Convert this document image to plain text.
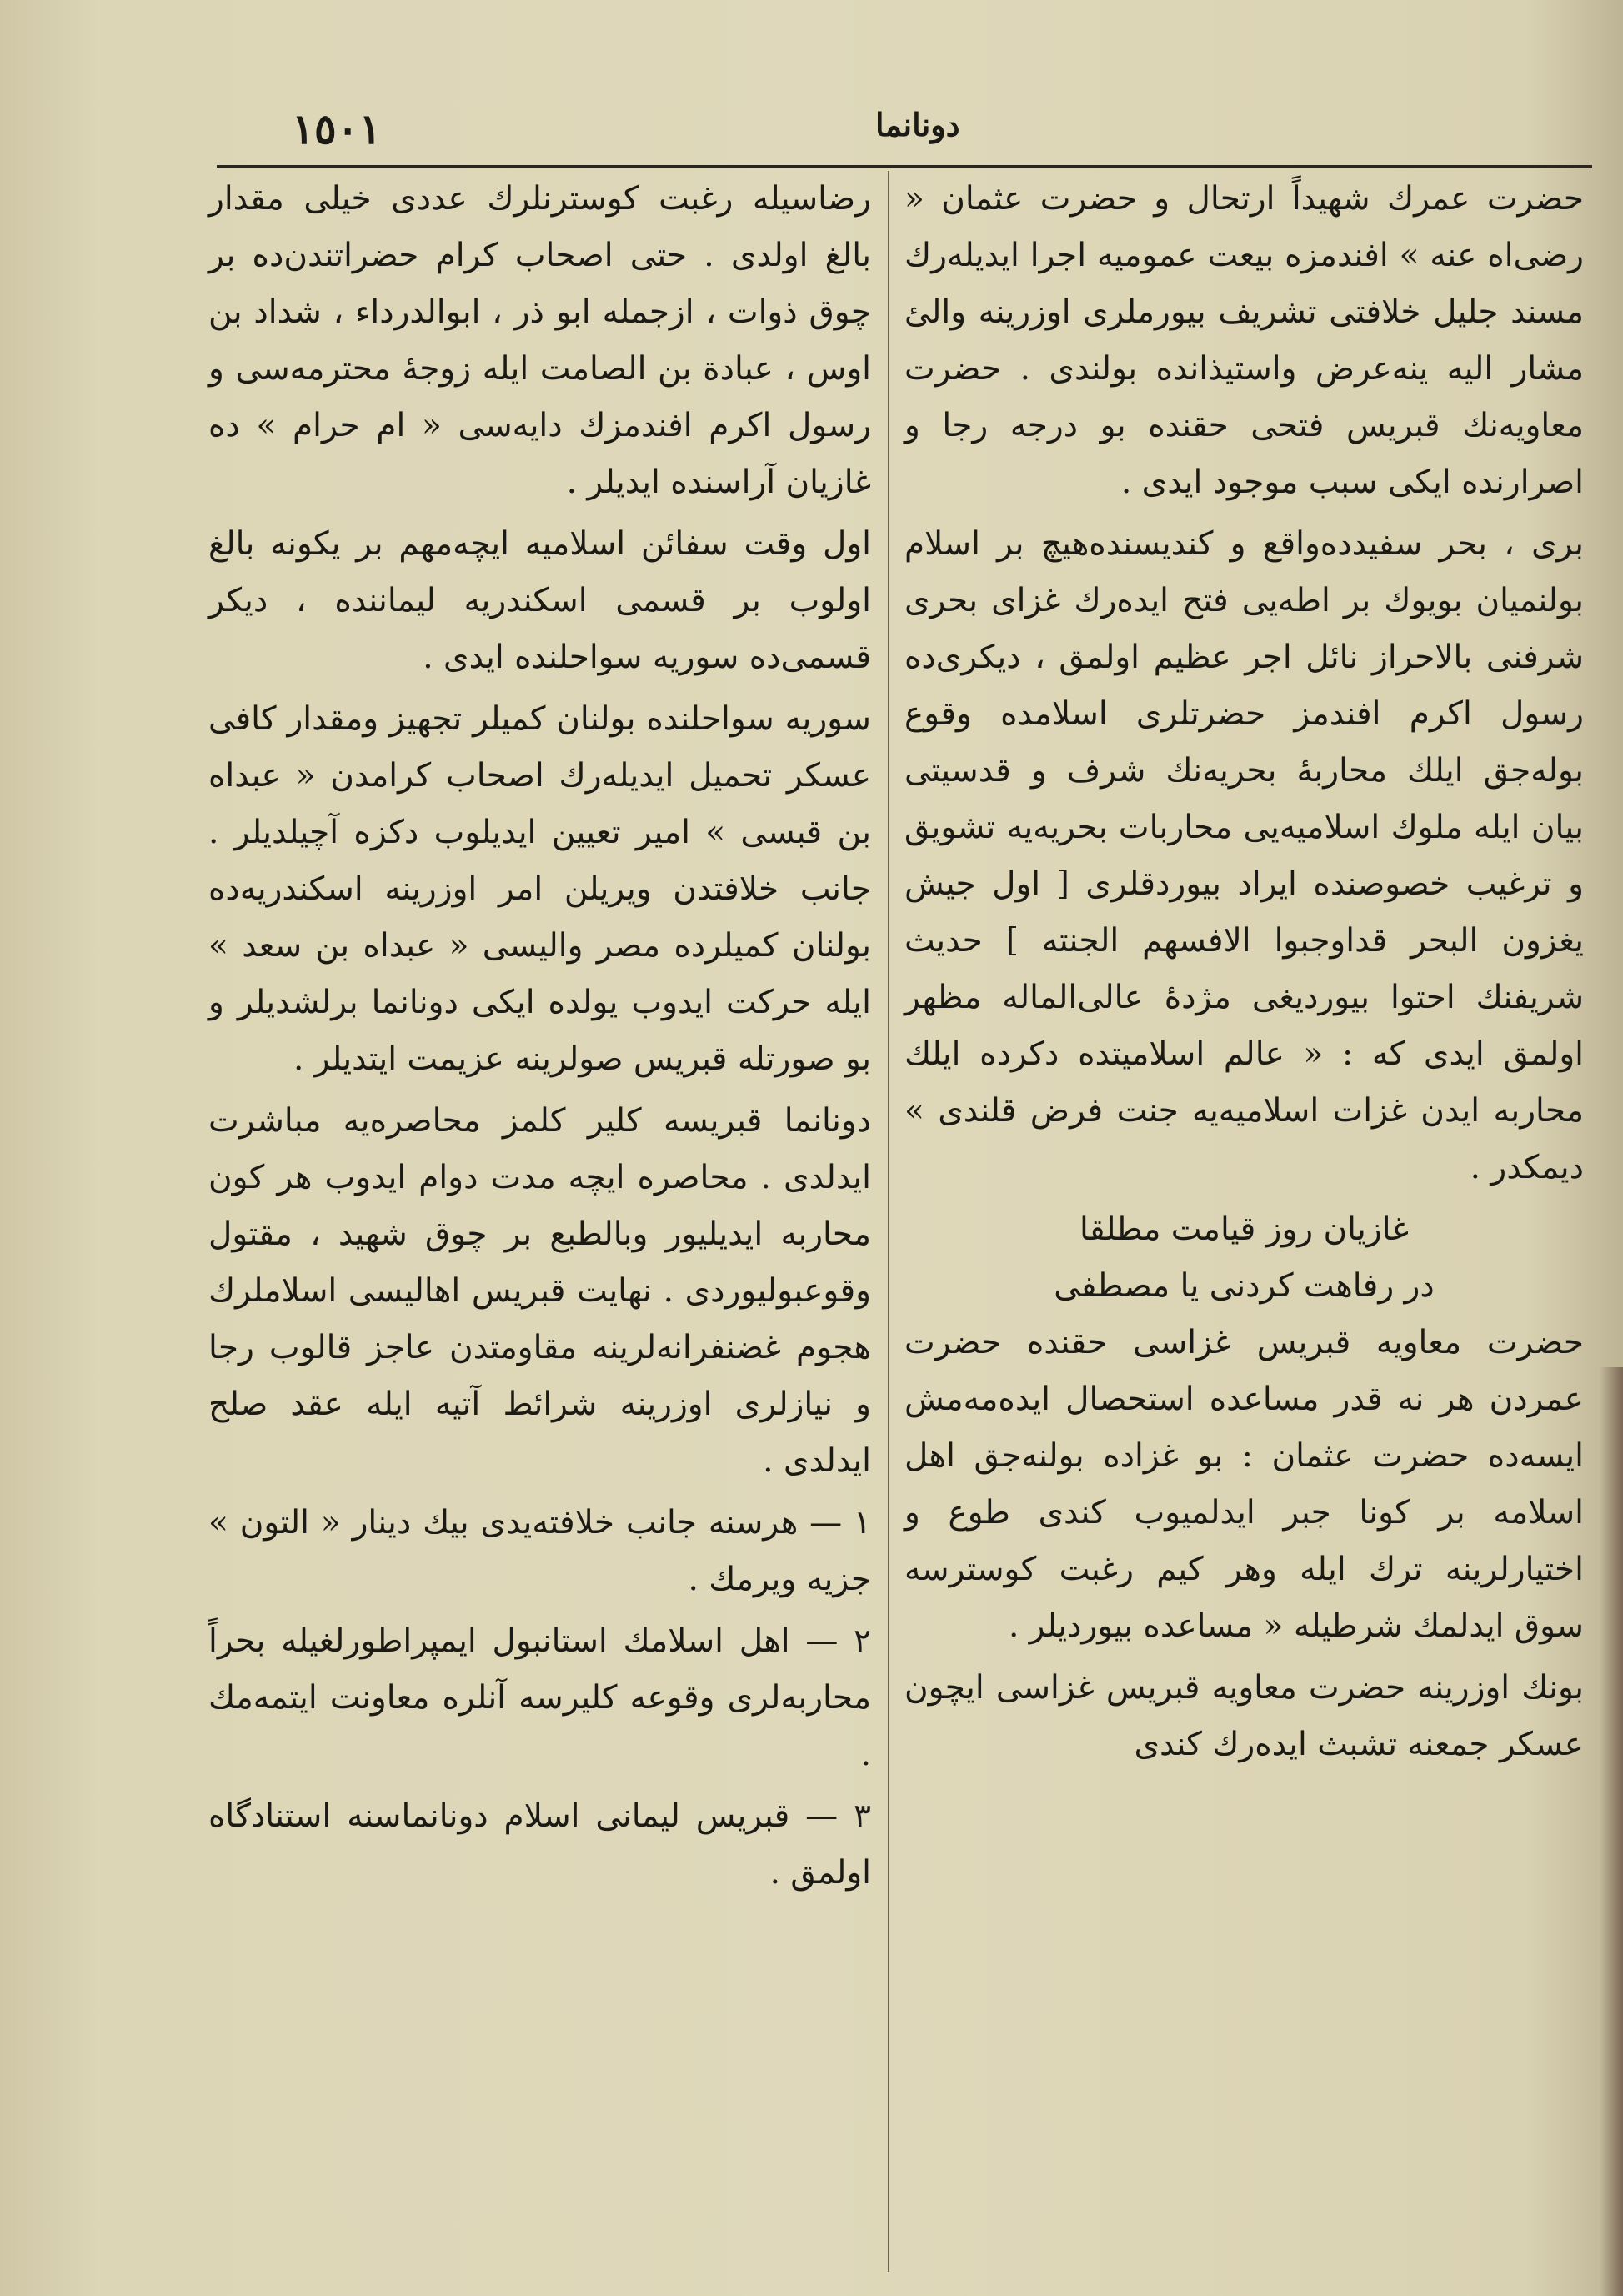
١٥٠١	دونانما

حضرت عمرك شهيداً ارتحال و حضرت عثمان « رضی‌اه عنه » افندمزه بیعت عمومیه اجرا ایدیله‌رك مسند جليل خلافتی تشريف بيورملری اوزرينه والئ مشار اليه ينه‌عرض واستيذانده بولندی . حضرت معاويه‌نك قبريس فتحی حقنده بو درجه رجا و اصرارنده ايكی سبب موجود ايدی .

برى ، بحر سفيدده‌واقع و كنديسنده‌هيچ بر اسلام بولنميان بويوك بر اطه‌يی فتح ايده‌رك غزای بحری شرفنی بالاحراز نائل اجر عظيم اولمق ، ديكری‌ده رسول اكرم افندمز حضرتلری اسلامده وقوع بوله‌جق ايلك محاربهٔ بحريه‌نك شرف و قدسيتی بيان ايله ملوك اسلاميه‌يی محاربات بحريه‌يه تشويق و ترغيب خصوصنده ايراد بيوردقلری [ اول جيش يغزون البحر قداوجبوا الافسهم الجنته ] حديث شريفنك احتوا بيورديغی مژدهٔ عالی‌الماله مظهر اولمق ايدی كه : « عالم اسلاميتده دكرده ايلك محاربه ايدن غزات اسلاميه‌يه جنت فرض قلندی » ديمكدر .

غازيان روز قيامت مطلقا

در رفاهت كردنی يا مصطفی

حضرت معاويه قبريس غزاسی حقنده حضرت عمردن هر نه قدر مساعده استحصال ايده‌مه‌مش ايسه‌ده حضرت عثمان : بو غزاده بولنه‌جق اهل اسلامه بر كونا جبر ايدلميوب كندی طوع و اختيارلرينه ترك ايله وهر كيم رغبت كوسترسه سوق ايدلمك شرطيله « مساعده بيورديلر .

بونك اوزرينه حضرت معاويه قبريس غزاسی ايچون عسكر جمعنه تشبث ايده‌رك كندی

رضاسيله رغبت كوسترنلرك عددی خيلی مقدار بالغ اولدی . حتی اصحاب كرام حضراتندن‌ده بر چوق ذوات ، ازجمله ابو ذر ، ابوالدرداء ، شداد بن اوس ، عبادة بن الصامت ايله زوجهٔ محترمه‌سی و رسول اكرم افندمزك دايه‌سی « ام حرام » ده غازيان آراسنده ايديلر .

اول وقت سفائن اسلاميه ايچه‌مهم بر يكونه بالغ اولوب بر قسمی اسكندريه ليماننده ، ديكر قسمی‌ده سوريه سواحلنده ايدی .

سوريه سواحلنده بولنان كميلر تجهيز ومقدار كافی عسكر تحميل ايديله‌رك اصحاب كرامدن « عبداه بن قبسی » امير تعيين ايديلوب دكزه آچيلديلر . جانب خلافتدن ويريلن امر اوزرينه اسكندريه‌ده بولنان كميلرده مصر واليسی « عبداه بن سعد » ايله حركت ايدوب يولده ايكی دونانما برلشديلر و بو صورتله قبريس صولرينه عزيمت ايتديلر .

دونانما قبريسه كلير كلمز محاصره‌يه مباشرت ايدلدی . محاصره ايچه مدت دوام ايدوب هر كون محاربه ايديليور وبالطبع بر چوق شهيد ، مقتول وقوعبوليوردی . نهايت قبريس اهاليسی اسلاملرك هجوم غضنفرانه‌لرينه مقاومتدن عاجز قالوب رجا و نيازلری اوزرينه شرائط آتيه ايله عقد صلح ايدلدی .

١ — هرسنه جانب خلافته‌يدی بيك دينار « التون » جزيه ويرمك .

٢ — اهل اسلامك استانبول ايمپراطورلغيله بحراً محاربه‌لری وقوعه كليرسه آنلره معاونت ايتمه‌مك .

٣ — قبريس ليمانی اسلام دونانماسنه استنادگاه اولمق .
